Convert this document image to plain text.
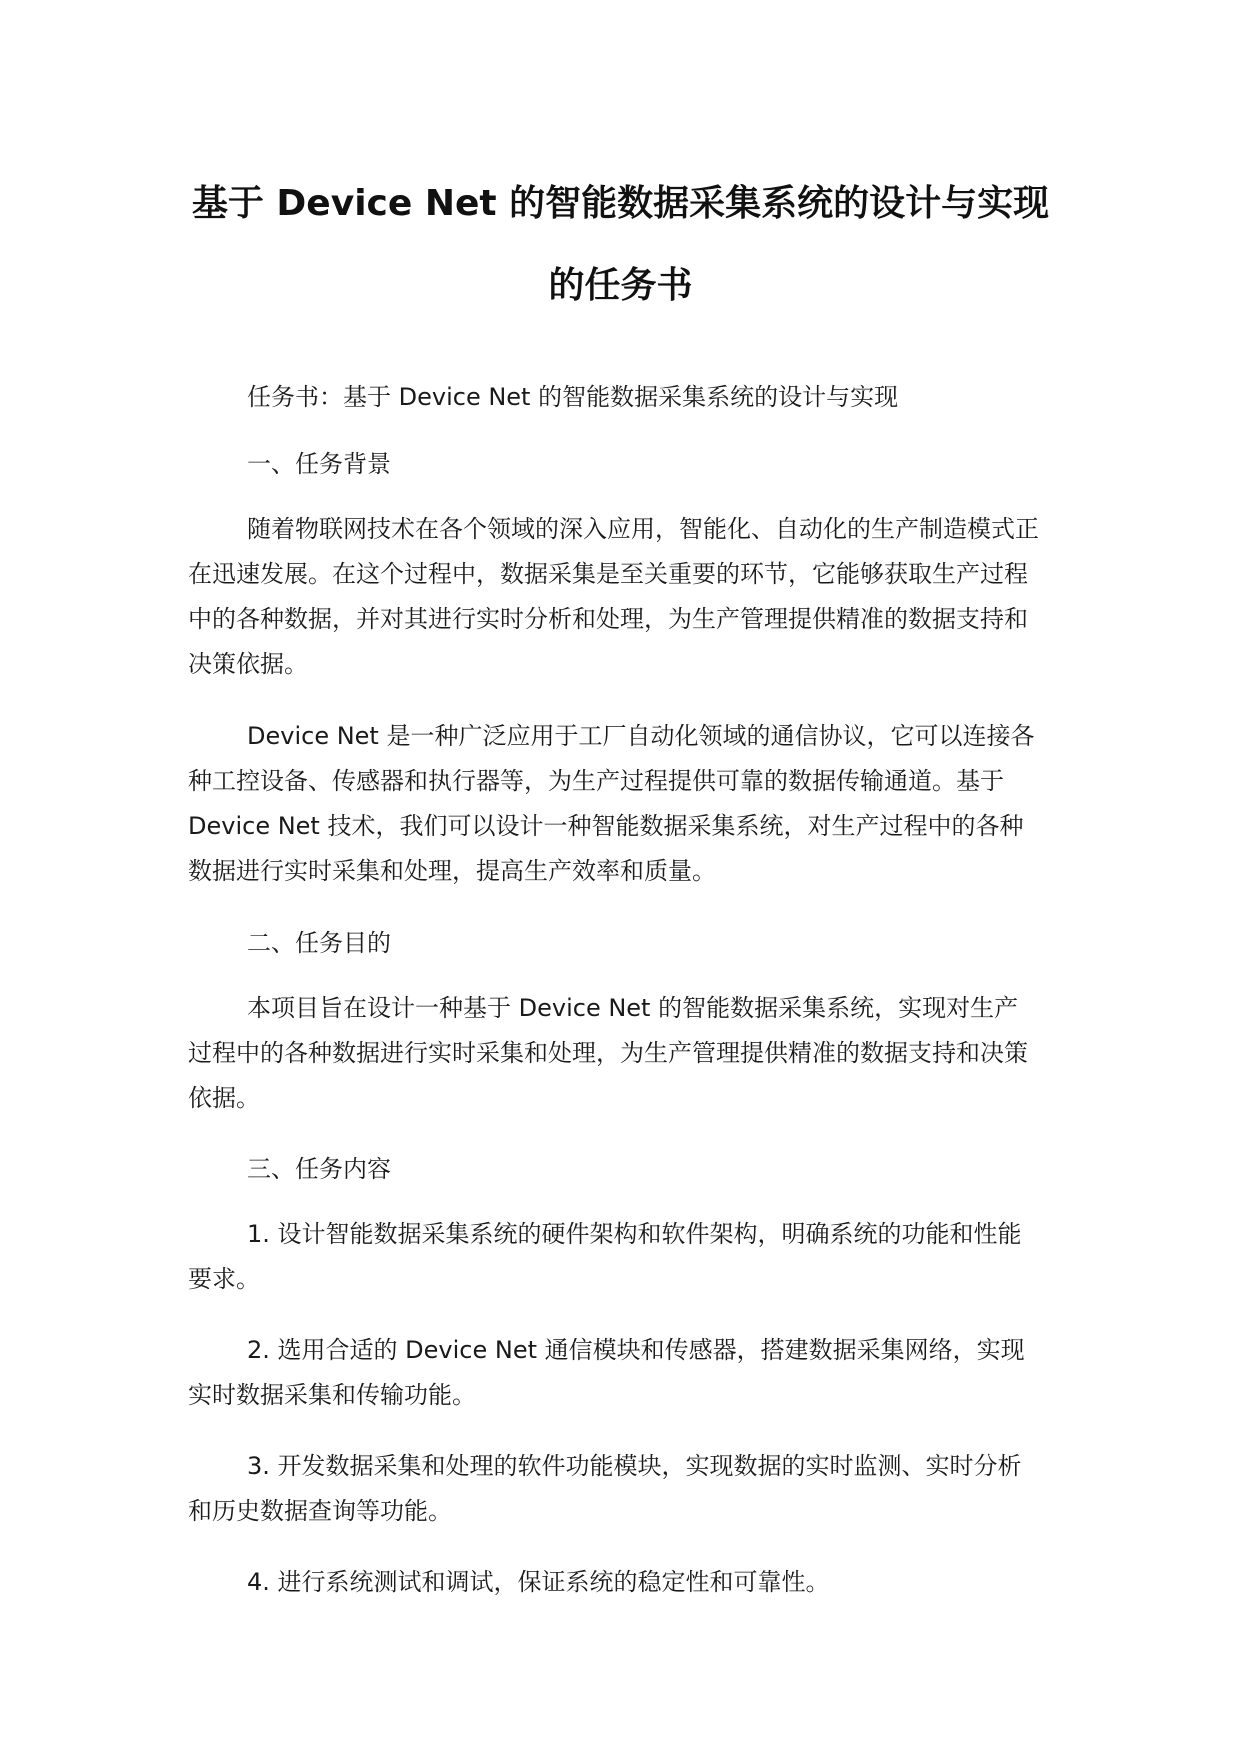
基于 Device Net 的智能数据采集系统的设计与实现
的任务书

任务书：基于 Device Net 的智能数据采集系统的设计与实现

一、任务背景

随着物联网技术在各个领域的深入应用，智能化、自动化的生产制造模式正在迅速发展。在这个过程中，数据采集是至关重要的环节，它能够获取生产过程中的各种数据，并对其进行实时分析和处理，为生产管理提供精准的数据支持和决策依据。

Device Net 是一种广泛应用于工厂自动化领域的通信协议，它可以连接各种工控设备、传感器和执行器等，为生产过程提供可靠的数据传输通道。基于 Device Net 技术，我们可以设计一种智能数据采集系统，对生产过程中的各种数据进行实时采集和处理，提高生产效率和质量。

二、任务目的

本项目旨在设计一种基于 Device Net 的智能数据采集系统，实现对生产过程中的各种数据进行实时采集和处理，为生产管理提供精准的数据支持和决策依据。

三、任务内容

1. 设计智能数据采集系统的硬件架构和软件架构，明确系统的功能和性能要求。

2. 选用合适的 Device Net 通信模块和传感器，搭建数据采集网络，实现实时数据采集和传输功能。

3. 开发数据采集和处理的软件功能模块，实现数据的实时监测、实时分析和历史数据查询等功能。

4. 进行系统测试和调试，保证系统的稳定性和可靠性。
